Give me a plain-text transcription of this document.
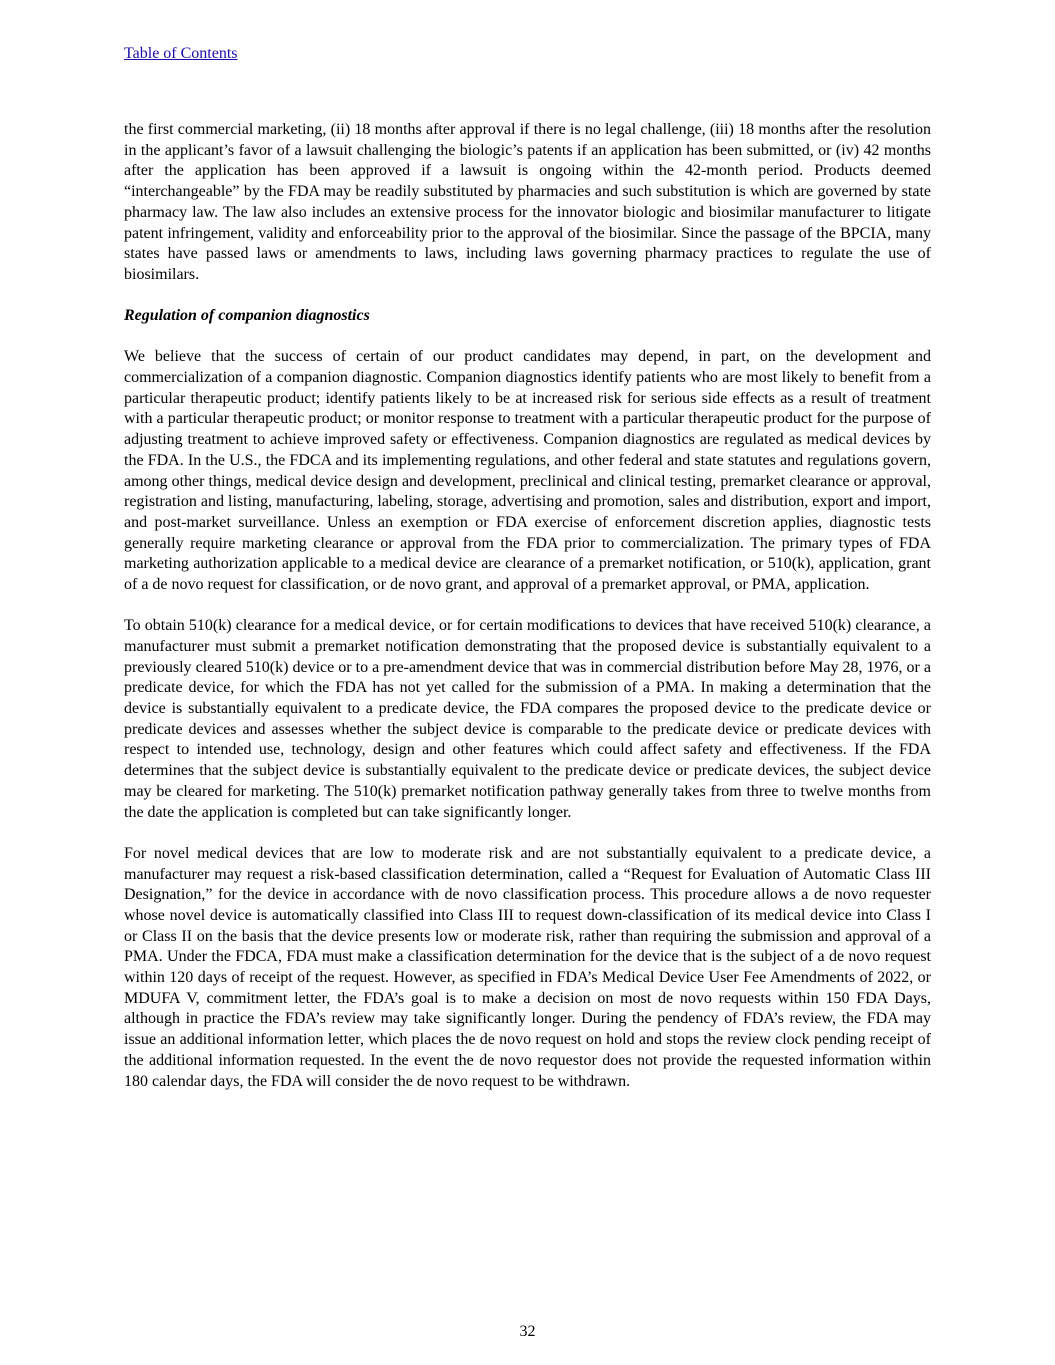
Table of Contents

the first commercial marketing, (ii) 18 months after approval if there is no legal challenge, (iii) 18 months after the resolution in the applicant’s favor of a lawsuit challenging the biologic’s patents if an application has been submitted, or (iv) 42 months after the application has been approved if a lawsuit is ongoing within the 42-month period. Products deemed “interchangeable” by the FDA may be readily substituted by pharmacies and such substitution is which are governed by state pharmacy law. The law also includes an extensive process for the innovator biologic and biosimilar manufacturer to litigate patent infringement, validity and enforceability prior to the approval of the biosimilar. Since the passage of the BPCIA, many states have passed laws or amendments to laws, including laws governing pharmacy practices to regulate the use of biosimilars.

Regulation of companion diagnostics

We believe that the success of certain of our product candidates may depend, in part, on the development and commercialization of a companion diagnostic. Companion diagnostics identify patients who are most likely to benefit from a particular therapeutic product; identify patients likely to be at increased risk for serious side effects as a result of treatment with a particular therapeutic product; or monitor response to treatment with a particular therapeutic product for the purpose of adjusting treatment to achieve improved safety or effectiveness. Companion diagnostics are regulated as medical devices by the FDA. In the U.S., the FDCA and its implementing regulations, and other federal and state statutes and regulations govern, among other things, medical device design and development, preclinical and clinical testing, premarket clearance or approval, registration and listing, manufacturing, labeling, storage, advertising and promotion, sales and distribution, export and import, and post-market surveillance. Unless an exemption or FDA exercise of enforcement discretion applies, diagnostic tests generally require marketing clearance or approval from the FDA prior to commercialization. The primary types of FDA marketing authorization applicable to a medical device are clearance of a premarket notification, or 510(k), application, grant of a de novo request for classification, or de novo grant, and approval of a premarket approval, or PMA, application.

To obtain 510(k) clearance for a medical device, or for certain modifications to devices that have received 510(k) clearance, a manufacturer must submit a premarket notification demonstrating that the proposed device is substantially equivalent to a previously cleared 510(k) device or to a pre-amendment device that was in commercial distribution before May 28, 1976, or a predicate device, for which the FDA has not yet called for the submission of a PMA. In making a determination that the device is substantially equivalent to a predicate device, the FDA compares the proposed device to the predicate device or predicate devices and assesses whether the subject device is comparable to the predicate device or predicate devices with respect to intended use, technology, design and other features which could affect safety and effectiveness. If the FDA determines that the subject device is substantially equivalent to the predicate device or predicate devices, the subject device may be cleared for marketing. The 510(k) premarket notification pathway generally takes from three to twelve months from the date the application is completed but can take significantly longer.

For novel medical devices that are low to moderate risk and are not substantially equivalent to a predicate device, a manufacturer may request a risk-based classification determination, called a “Request for Evaluation of Automatic Class III Designation,” for the device in accordance with de novo classification process. This procedure allows a de novo requester whose novel device is automatically classified into Class III to request down-classification of its medical device into Class I or Class II on the basis that the device presents low or moderate risk, rather than requiring the submission and approval of a PMA. Under the FDCA, FDA must make a classification determination for the device that is the subject of a de novo request within 120 days of receipt of the request. However, as specified in FDA’s Medical Device User Fee Amendments of 2022, or MDUFA V, commitment letter, the FDA’s goal is to make a decision on most de novo requests within 150 FDA Days, although in practice the FDA’s review may take significantly longer. During the pendency of FDA’s review, the FDA may issue an additional information letter, which places the de novo request on hold and stops the review clock pending receipt of the additional information requested. In the event the de novo requestor does not provide the requested information within 180 calendar days, the FDA will consider the de novo request to be withdrawn.

32
